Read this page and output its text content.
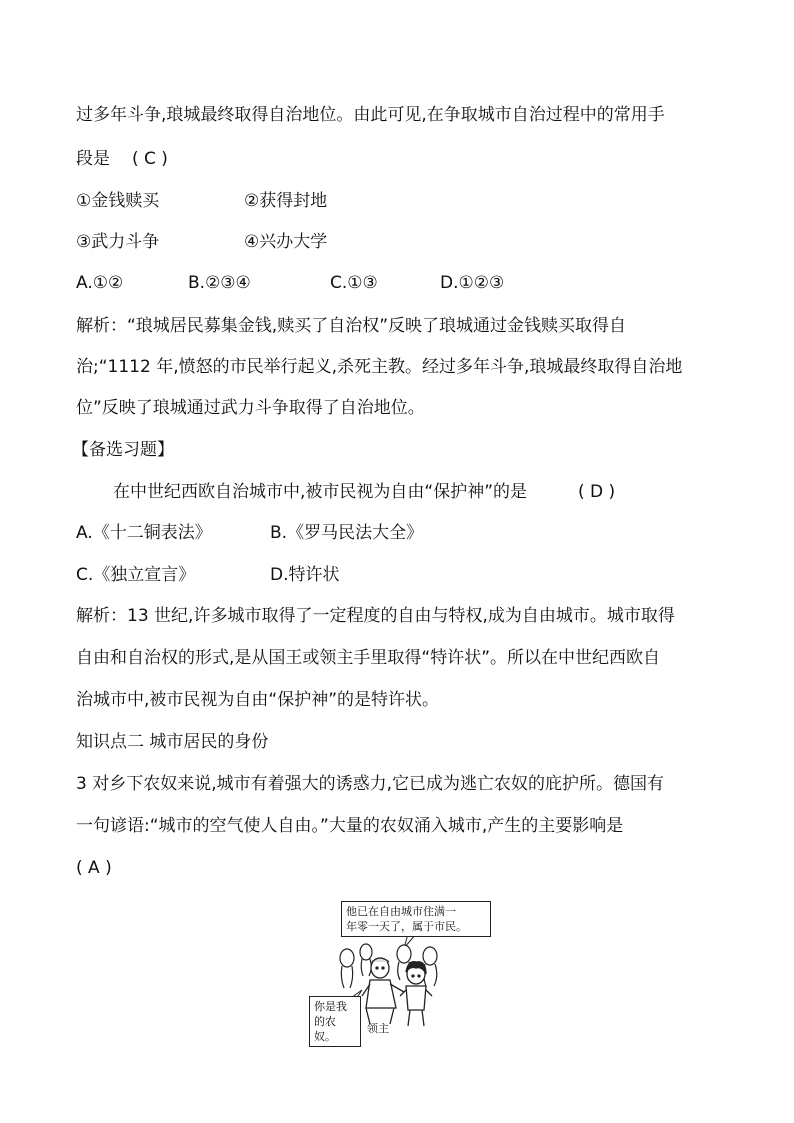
过多年斗争,琅城最终取得自治地位。由此可见,在争取城市自治过程中的常用手
段是 ( C )
①金钱赎买	②获得封地
③武力斗争	④兴办大学
A.①②	B.②③④	C.①③	D.①②③
解析：“琅城居民募集金钱,赎买了自治权”反映了琅城通过金钱赎买取得自
治;“1112 年,愤怒的市民举行起义,杀死主教。经过多年斗争,琅城最终取得自治地
位”反映了琅城通过武力斗争取得了自治地位。
【备选习题】
在中世纪西欧自治城市中,被市民视为自由“保护神”的是	( D )
A.《十二铜表法》	B.《罗马民法大全》
C.《独立宣言》	D.特许状
解析：13 世纪,许多城市取得了一定程度的自由与特权,成为自由城市。城市取得
自由和自治权的形式,是从国王或领主手里取得“特许状”。所以在中世纪西欧自
治城市中,被市民视为自由“保护神”的是特许状。
知识点二 城市居民的身份
3 对乡下农奴来说,城市有着强大的诱惑力,它已成为逃亡农奴的庇护所。德国有
一句谚语:“城市的空气使人自由。”大量的农奴涌入城市,产生的主要影响是
( A )
他已在自由城市住满一
年零一天了，属于市民。
你是我
的农奴。
领主
